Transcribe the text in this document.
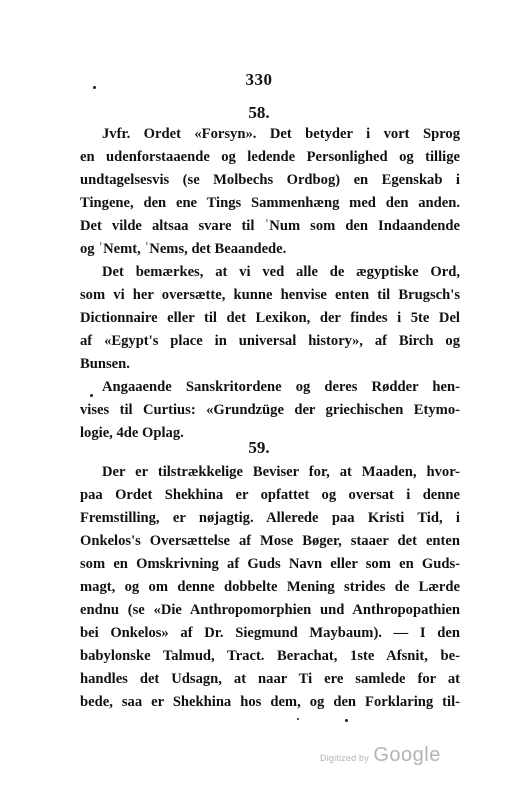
330
58.
Jvfr. Ordet «Forsyn». Det betyder i vort Sprog
en udenforstaaende og ledende Personlighed og tillige
undtagelsesvis (se Molbechs Ordbog) en Egenskab i
Tingene, den ene Tings Sammenhæng med den anden.
Det vilde altsaa svare til ʿNum som den Indaandende
og ʿNemt, ʿNems, det Beaandede.
Det bemærkes, at vi ved alle de ægyptiske Ord,
som vi her oversætte, kunne henvise enten til Brugsch's
Dictionnaire eller til det Lexikon, der findes i 5te Del
af «Egypt's place in universal history», af Birch og
Bunsen.
Angaaende Sanskritordene og deres Rødder hen-
vises til Curtius: «Grundzüge der griechischen Etymo-
logie, 4de Oplag.
59.
Der er tilstrækkelige Beviser for, at Maaden, hvor-
paa Ordet Shekhina er opfattet og oversat i denne
Fremstilling, er nøjagtig. Allerede paa Kristi Tid, i
Onkelos's Oversættelse af Mose Bøger, staaer det enten
som en Omskrivning af Guds Navn eller som en Guds-
magt, og om denne dobbelte Mening strides de Lærde
endnu (se «Die Anthropomorphien und Anthropopathien
bei Onkelos» af Dr. Siegmund Maybaum). — I den
babylonske Talmud, Tract. Berachat, 1ste Afsnit, be-
handles det Udsagn, at naar Ti ere samlede for at
bede, saa er Shekhina hos dem, og den Forklaring til-
Digitized by Google
